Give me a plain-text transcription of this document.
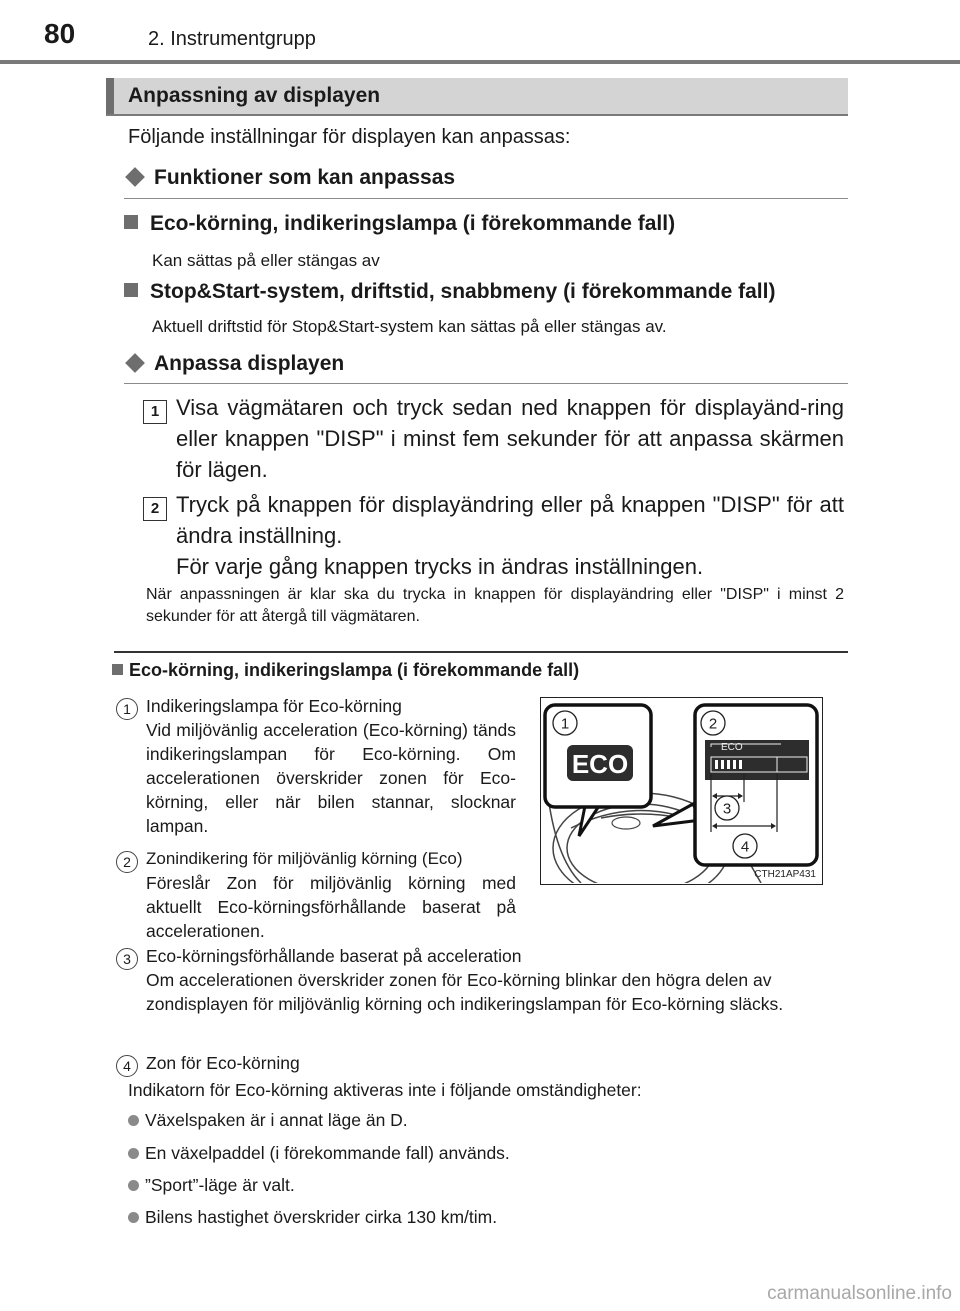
80	2. Instrumentgrupp
Anpassning av displayen
Följande inställningar för displayen kan anpassas:
Funktioner som kan anpassas
Eco-körning, indikeringslampa (i förekommande fall)
Kan sättas på eller stängas av
Stop&Start-system, driftstid, snabbmeny (i förekommande fall)
Aktuell driftstid för Stop&Start-system kan sättas på eller stängas av.
Anpassa displayen
1 Visa vägmätaren och tryck sedan ned knappen för displayänd-ring eller knappen "DISP" i minst fem sekunder för att anpassa skärmen för lägen.
2 Tryck på knappen för displayändring eller på knappen "DISP" för att ändra inställning.
För varje gång knappen trycks in ändras inställningen.
När anpassningen är klar ska du trycka in knappen för displayändring eller "DISP" i minst 2 sekunder för att återgå till vägmätaren.
Eco-körning, indikeringslampa (i förekommande fall)
1 Indikeringslampa för Eco-körning
Vid miljövänlig acceleration (Eco-körning) tänds indikeringslampan för Eco-körning. Om accelerationen överskrider zonen för Eco-körning, eller när bilen stannar, slocknar lampan.
2 Zonindikering för miljövänlig körning (Eco)
Föreslår Zon för miljövänlig körning med aktuellt Eco-körningsförhållande baserat på accelerationen.
3 Eco-körningsförhållande baserat på acceleration
Om accelerationen överskrider zonen för Eco-körning blinkar den högra delen av zondisplayen för miljövänlig körning och indikeringslampan för Eco-körning släcks.
4 Zon för Eco-körning
Indikatorn för Eco-körning aktiveras inte i följande omständigheter:
Växelspaken är i annat läge än D.
En växelpaddel (i förekommande fall) används.
”Sport”-läge är valt.
Bilens hastighet överskrider cirka 130 km/tim.
1
ECO
2
ECO
3
4
CTH21AP431
carmanualsonline.info
